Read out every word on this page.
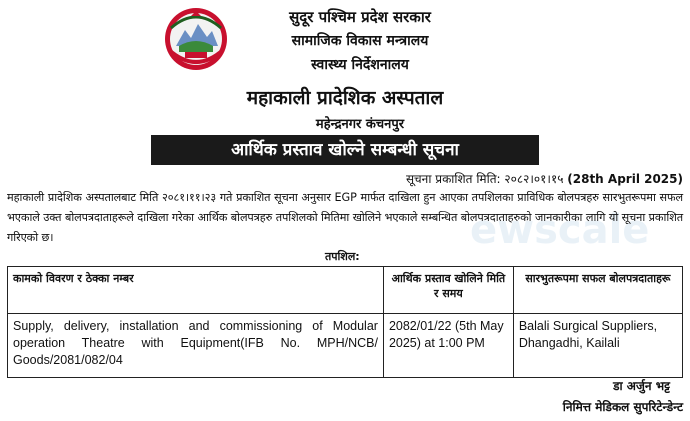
सुदूर पश्चिम प्रदेश सरकार
सामाजिक विकास मन्त्रालय
स्वास्थ्य निर्देशनालय
महाकाली प्रादेशिक अस्पताल
महेन्द्रनगर कंचनपुर
आर्थिक प्रस्ताव खोल्ने सम्बन्धी सूचना
सूचना प्रकाशित मिति: २०८२।०१।१५ (28th April 2025)
ewscale
महाकाली प्रादेशिक अस्पतालबाट मिति २०८१।११।२३ गते प्रकाशित सूचना अनुसार EGP मार्फत दाखिला हुन आएका तपशिलका प्राविधिक बोलपत्रहरु सारभुतरूपमा सफल भएकाले उक्त बोलपत्रदाताहरूले दाखिला गरेका आर्थिक बोलपत्रहरु तपशिलको मितिमा खोलिने भएकाले सम्बन्धित बोलपत्रदाताहरुको जानकारीका लागि यो सूचना प्रकाशित गरिएको छ।
तपशिल:
कामको विवरण र ठेक्का नम्बर	आर्थिक प्रस्ताव खोलिने मिति र समय	सारभुतरूपमा सफल बोलपत्रदाताहरू
Supply, delivery, installation and commissioning of Modular operation Theatre with Equipment(IFB No. MPH/NCB/ Goods/2081/082/04	2082/01/22 (5th May 2025) at 1:00 PM	Balali Surgical Suppliers, Dhangadhi, Kailali
डा अर्जुन भट्ट
निमित्त मेडिकल सुपरिटेन्डेन्ट
